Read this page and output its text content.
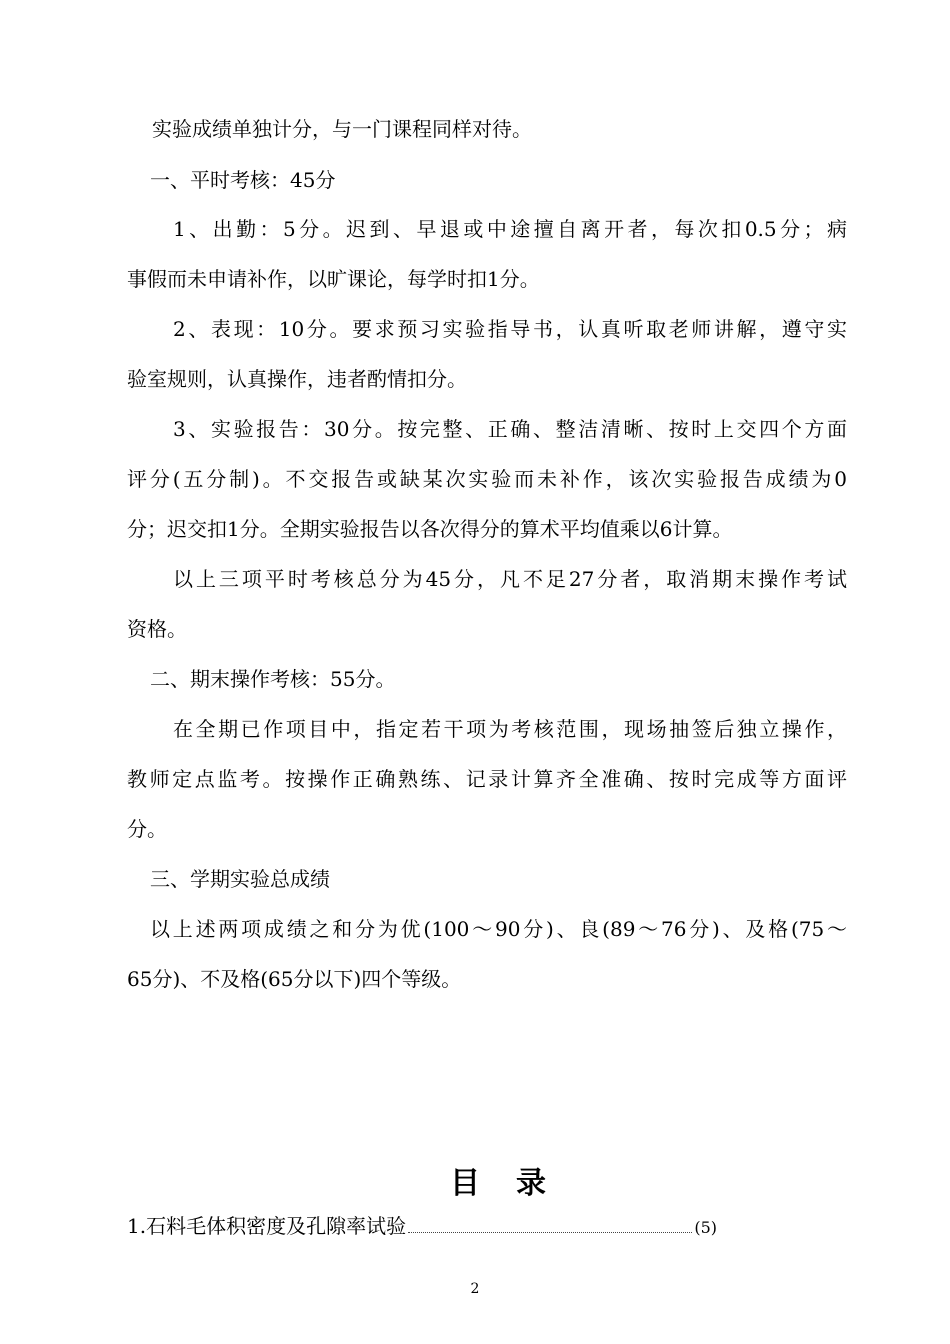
实验成绩单独计分，与一门课程同样对待。
一、平时考核：45分
1、出勤：5分。迟到、早退或中途擅自离开者，每次扣0.5分；病
事假而未申请补作，以旷课论，每学时扣1分。
2、表现：10分。要求预习实验指导书，认真听取老师讲解，遵守实
验室规则，认真操作，违者酌情扣分。
3、实验报告：30分。按完整、正确、整洁清晰、按时上交四个方面
评分(五分制)。不交报告或缺某次实验而未补作，该次实验报告成绩为0
分；迟交扣1分。全期实验报告以各次得分的算术平均值乘以6计算。
以上三项平时考核总分为45分，凡不足27分者，取消期末操作考试
资格。
二、期末操作考核：55分。
在全期已作项目中，指定若干项为考核范围，现场抽签后独立操作，
教师定点监考。按操作正确熟练、记录计算齐全准确、按时完成等方面评
分。
三、学期实验总成绩
以上述两项成绩之和分为优(100～90分)、良(89～76分)、及格(75～
65分)、不及格(65分以下)四个等级。
目录
1.石料毛体积密度及孔隙率试验	(5)
2
